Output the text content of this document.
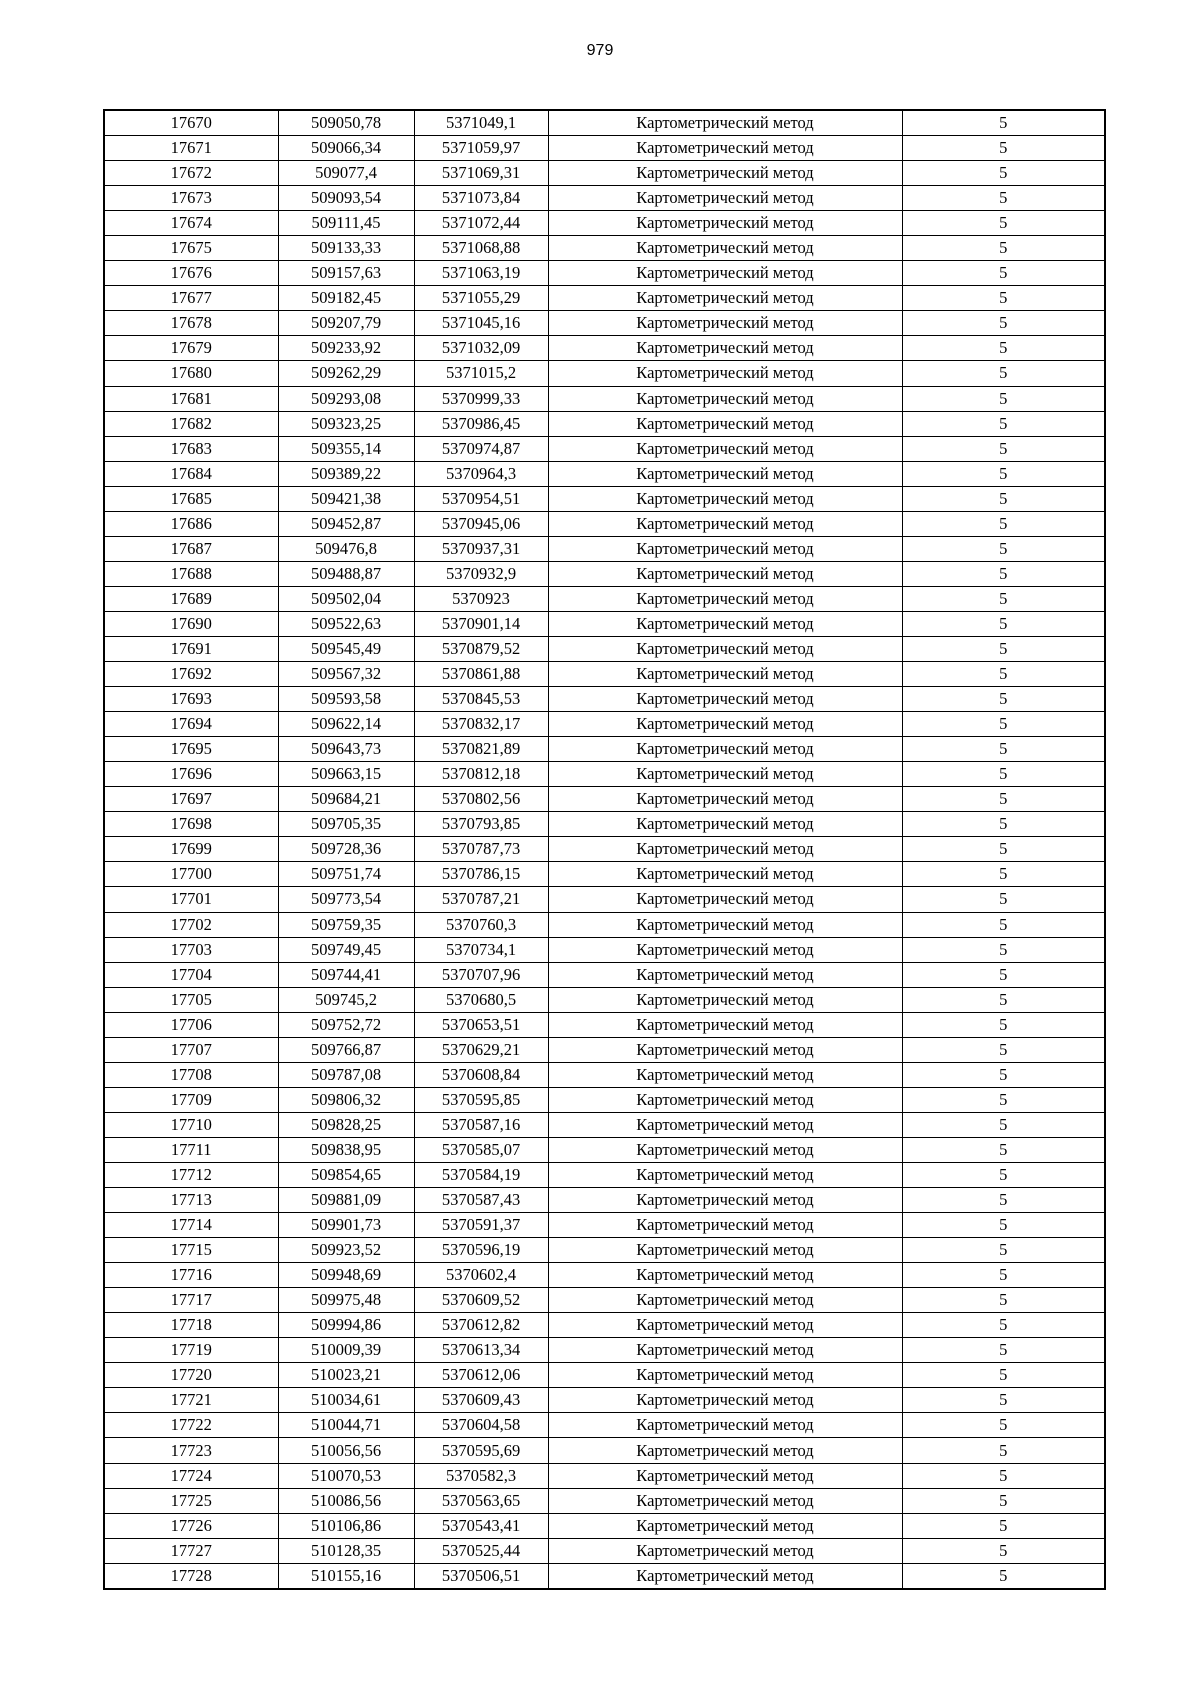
979
17670	509050,78	5371049,1	Картометрический метод	5
17671	509066,34	5371059,97	Картометрический метод	5
17672	509077,4	5371069,31	Картометрический метод	5
17673	509093,54	5371073,84	Картометрический метод	5
17674	509111,45	5371072,44	Картометрический метод	5
17675	509133,33	5371068,88	Картометрический метод	5
17676	509157,63	5371063,19	Картометрический метод	5
17677	509182,45	5371055,29	Картометрический метод	5
17678	509207,79	5371045,16	Картометрический метод	5
17679	509233,92	5371032,09	Картометрический метод	5
17680	509262,29	5371015,2	Картометрический метод	5
17681	509293,08	5370999,33	Картометрический метод	5
17682	509323,25	5370986,45	Картометрический метод	5
17683	509355,14	5370974,87	Картометрический метод	5
17684	509389,22	5370964,3	Картометрический метод	5
17685	509421,38	5370954,51	Картометрический метод	5
17686	509452,87	5370945,06	Картометрический метод	5
17687	509476,8	5370937,31	Картометрический метод	5
17688	509488,87	5370932,9	Картометрический метод	5
17689	509502,04	5370923	Картометрический метод	5
17690	509522,63	5370901,14	Картометрический метод	5
17691	509545,49	5370879,52	Картометрический метод	5
17692	509567,32	5370861,88	Картометрический метод	5
17693	509593,58	5370845,53	Картометрический метод	5
17694	509622,14	5370832,17	Картометрический метод	5
17695	509643,73	5370821,89	Картометрический метод	5
17696	509663,15	5370812,18	Картометрический метод	5
17697	509684,21	5370802,56	Картометрический метод	5
17698	509705,35	5370793,85	Картометрический метод	5
17699	509728,36	5370787,73	Картометрический метод	5
17700	509751,74	5370786,15	Картометрический метод	5
17701	509773,54	5370787,21	Картометрический метод	5
17702	509759,35	5370760,3	Картометрический метод	5
17703	509749,45	5370734,1	Картометрический метод	5
17704	509744,41	5370707,96	Картометрический метод	5
17705	509745,2	5370680,5	Картометрический метод	5
17706	509752,72	5370653,51	Картометрический метод	5
17707	509766,87	5370629,21	Картометрический метод	5
17708	509787,08	5370608,84	Картометрический метод	5
17709	509806,32	5370595,85	Картометрический метод	5
17710	509828,25	5370587,16	Картометрический метод	5
17711	509838,95	5370585,07	Картометрический метод	5
17712	509854,65	5370584,19	Картометрический метод	5
17713	509881,09	5370587,43	Картометрический метод	5
17714	509901,73	5370591,37	Картометрический метод	5
17715	509923,52	5370596,19	Картометрический метод	5
17716	509948,69	5370602,4	Картометрический метод	5
17717	509975,48	5370609,52	Картометрический метод	5
17718	509994,86	5370612,82	Картометрический метод	5
17719	510009,39	5370613,34	Картометрический метод	5
17720	510023,21	5370612,06	Картометрический метод	5
17721	510034,61	5370609,43	Картометрический метод	5
17722	510044,71	5370604,58	Картометрический метод	5
17723	510056,56	5370595,69	Картометрический метод	5
17724	510070,53	5370582,3	Картометрический метод	5
17725	510086,56	5370563,65	Картометрический метод	5
17726	510106,86	5370543,41	Картометрический метод	5
17727	510128,35	5370525,44	Картометрический метод	5
17728	510155,16	5370506,51	Картометрический метод	5
